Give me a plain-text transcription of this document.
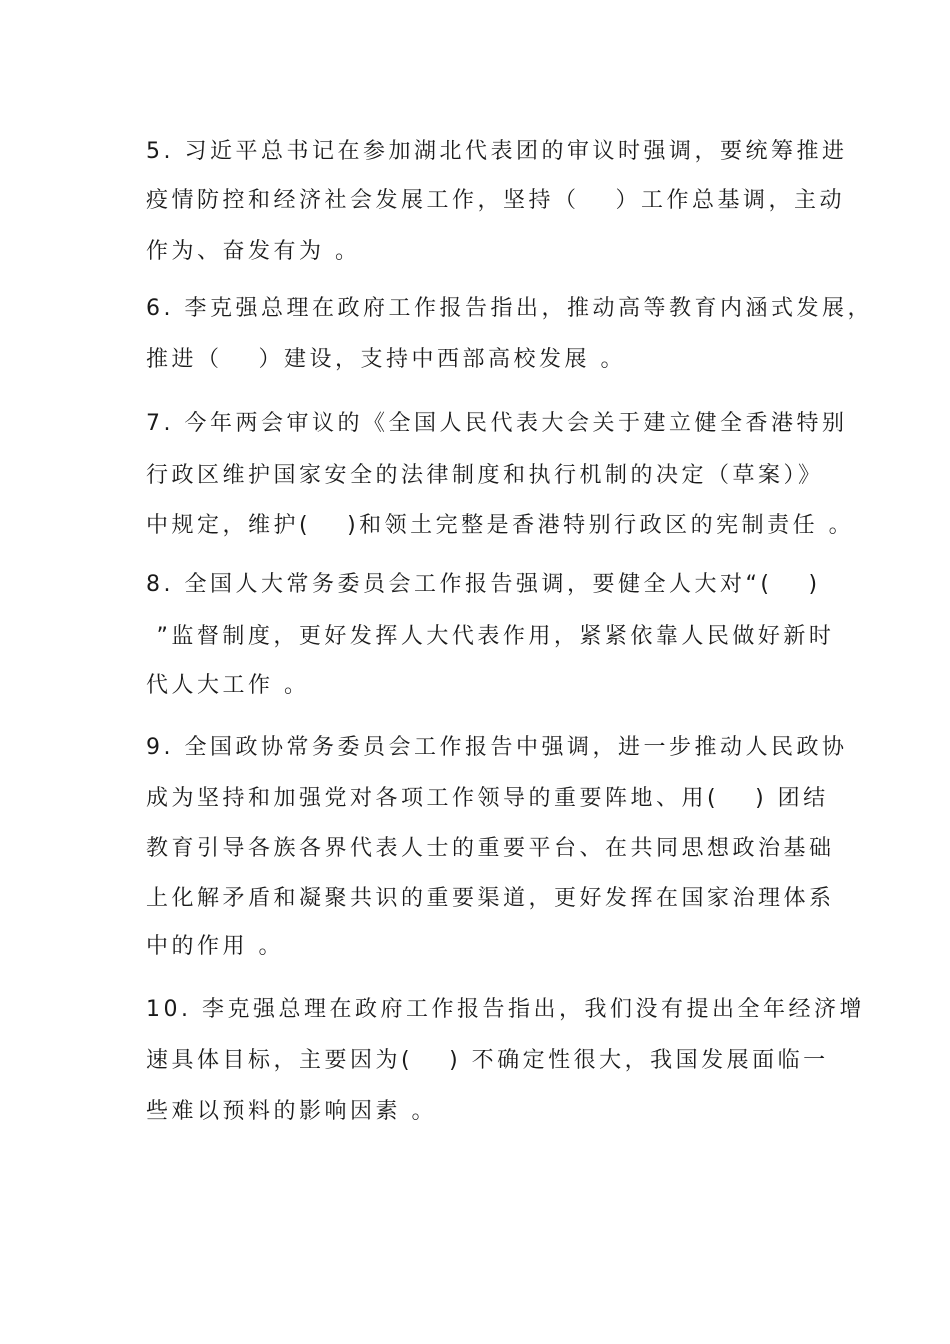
5. 习近平总书记在参加湖北代表团的审议时强调，要统筹推进
疫情防控和经济社会发展工作，坚持（　 ）工作总基调，主动
作为、奋发有为 。
6. 李克强总理在政府工作报告指出，推动高等教育内涵式发展，
推进（　 ）建设，支持中西部高校发展 。
7. 今年两会审议的《全国人民代表大会关于建立健全香港特别
行政区维护国家安全的法律制度和执行机制的决定（草案）》
中规定，维护(　 )和领土完整是香港特别行政区的宪制责任 。
8. 全国人大常务委员会工作报告强调，要健全人大对“(　 )
”监督制度，更好发挥人大代表作用，紧紧依靠人民做好新时
代人大工作 。
9. 全国政协常务委员会工作报告中强调，进一步推动人民政协
成为坚持和加强党对各项工作领导的重要阵地、用(　 ) 团结
教育引导各族各界代表人士的重要平台、在共同思想政治基础
上化解矛盾和凝聚共识的重要渠道，更好发挥在国家治理体系
中的作用 。
10. 李克强总理在政府工作报告指出，我们没有提出全年经济增
速具体目标，主要因为(　 ) 不确定性很大，我国发展面临一
些难以预料的影响因素 。
